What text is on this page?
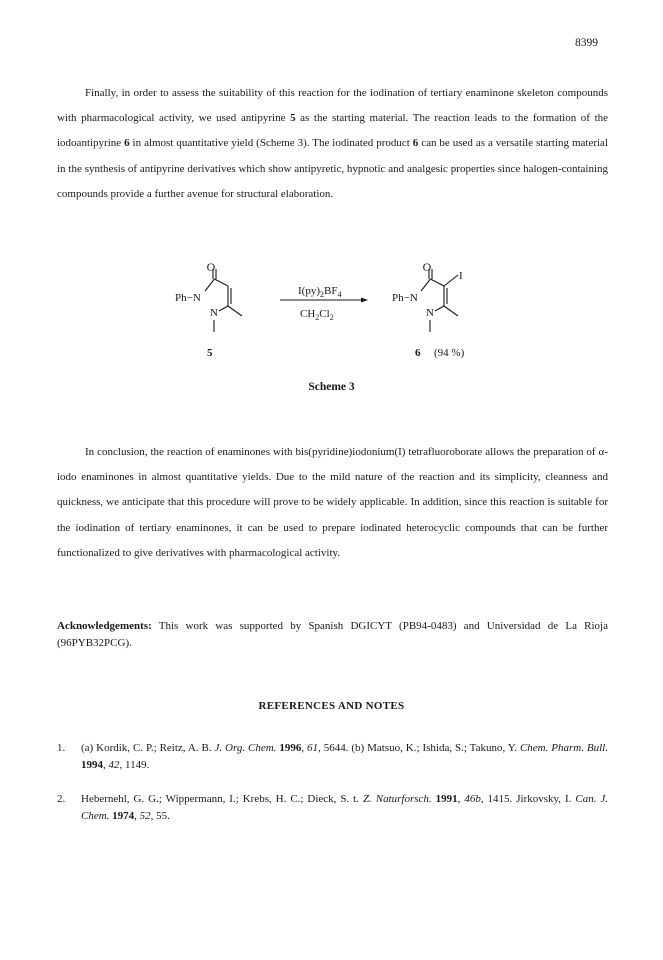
8399

Finally, in order to assess the suitability of this reaction for the iodination of tertiary enaminone skeleton compounds with pharmacological activity, we used antipyrine 5 as the starting material. The reaction leads to the formation of the iodoantipyrine 6 in almost quantitative yield (Scheme 3). The iodinated product 6 can be used as a versatile starting material in the synthesis of antipyrine derivatives which show antipyretic, hypnotic and analgesic properties since halogen-containing compounds provide a further avenue for structural elaboration.

O
Ph−N
N
$I(py)_2BF_4$
$CH_2Cl_2$
O
I
Ph−N
N
5	6 (94 %)
Scheme 3

In conclusion, the reaction of enaminones with bis(pyridine)iodonium(I) tetrafluoroborate allows the preparation of α-iodo enaminones in almost quantitative yields. Due to the mild nature of the reaction and its simplicity, cleanness and quickness, we anticipate that this procedure will prove to be widely applicable. In addition, since this reaction is suitable for the iodination of tertiary enaminones, it can be used to prepare iodinated heterocyclic compounds that can be further functionalized to give derivatives with pharmacological activity.

Acknowledgements: This work was supported by Spanish DGICYT (PB94-0483) and Universidad de La Rioja (96PYB32PCG).
REFERENCES AND NOTES
1.	(a) Kordik, C. P.; Reitz, A. B. J. Org. Chem. 1996, 61, 5644. (b) Matsuo, K.; Ishida, S.; Takuno, Y. Chem. Pharm. Bull. 1994, 42, 1149.
2.	Hebernehl, G. G.; Wippermann, I.; Krebs, H. C.; Dieck, S. t. Z. Naturforsch. 1991, 46b, 1415. Jirkovsky, I. Can. J. Chem. 1974, 52, 55.
